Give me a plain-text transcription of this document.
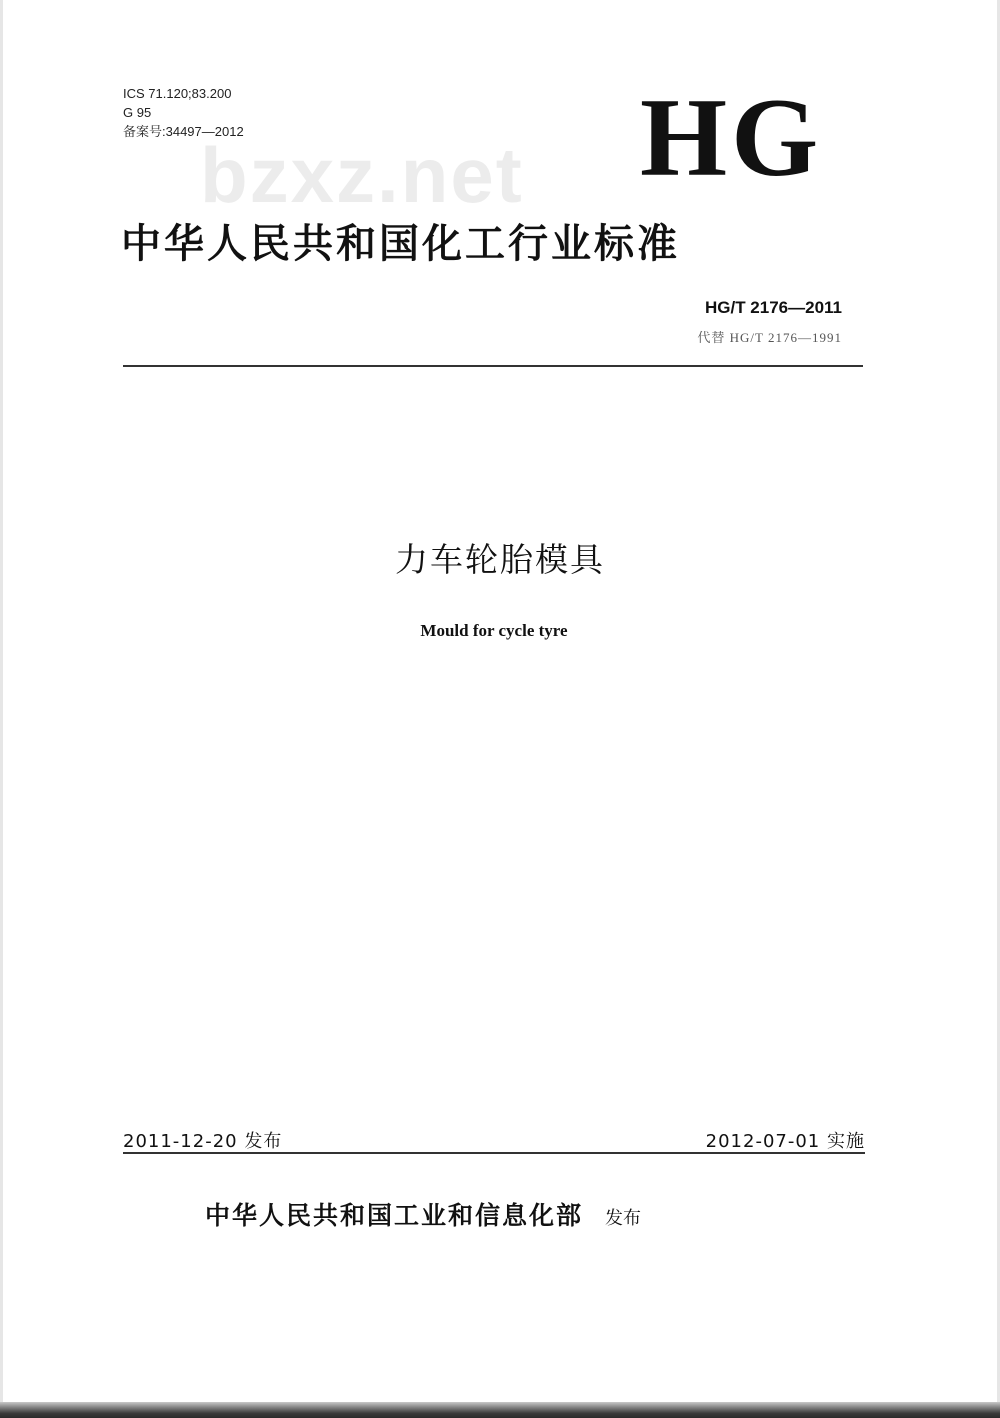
ICS 71.120;83.200
G 95
备案号:34497—2012
bzxz.net HG
中华人民共和国化工行业标准
HG/T 2176—2011
代替 HG/T 2176—1991
力车轮胎模具
Mould for cycle tyre
2011-12-20 发布	2012-07-01 实施
中华人民共和国工业和信息化部 发布
